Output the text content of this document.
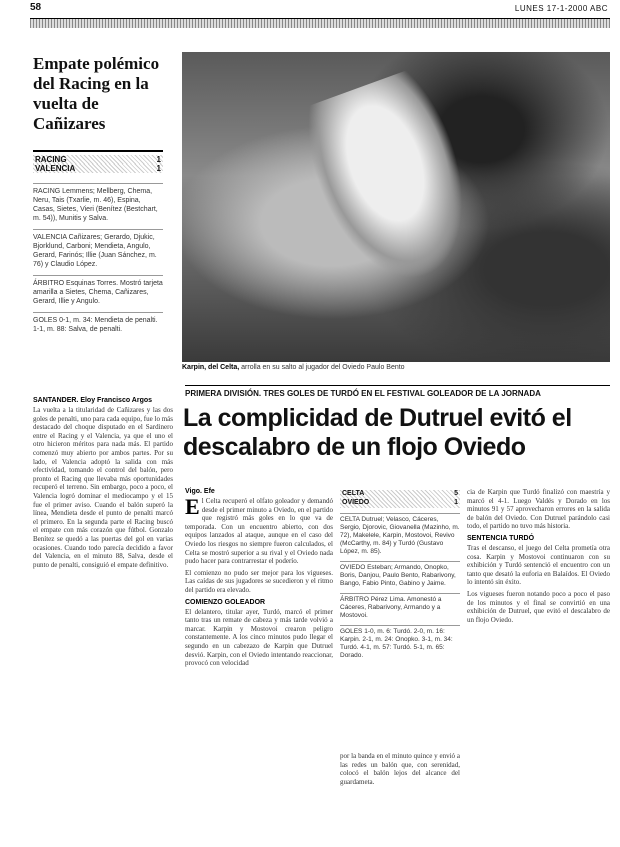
58	LUNES 17-1-2000 ABC
Empate polémico del Racing en la vuelta de Cañizares
RACING	1
VALENCIA	1
RACING Lemmens; Mellberg, Chema, Neru, Tais (Txarlie, m. 46), Espina, Casas, Sietes, Vieri (Benítez (Bestchart, m. 54)), Munitis y Salva.
VALENCIA Cañizares; Gerardo, Djukic, Bjorklund, Carboni; Mendieta, Angulo, Gerard, Farinós; Illie (Juan Sánchez, m. 76) y Claudio López.
ÁRBITRO Esquinas Torres. Mostró tarjeta amarilla a Sietes, Chema, Cañizares, Gerard, Illie y Angulo.
GOLES 0-1, m. 34: Mendieta de penalti. 1-1, m. 88: Salva, de penalti.
SANTANDER. Eloy Francisco Argos
La vuelta a la titularidad de Cañizares y las dos goles de penalti, uno para cada equipo, fue lo más destacado del choque disputado en el Sardinero entre el Racing y el Valencia, ya que el uno el otro hicieron méritos para nada más. El partido comenzó muy abierto por ambos partes. Por su lado, el Valencia adoptó la salida con más efectividad, tomando el control del balón, pero pronto el Racing que llevaba más oportunidades recuperó el terreno. Sin embargo, poco a poco, el Valencia logró dominar el mediocampo y el 15 fue el primer aviso. Cuando el balón superó la línea, Mendieta desde el punto de penalti marcó el primero. En la segunda parte el Racing buscó el empate con más corazón que fútbol. Gonzalo Benítez se quedó a las puertas del gol en varias ocasiones. Cuando todo parecía decidido a favor del Valencia, en el minuto 88, Salva, desde el punto de penalti, consiguió el empate definitivo.
Karpin, del Celta, arrolla en su salto al jugador del Oviedo Paulo Bento
PRIMERA DIVISIÓN. TRES GOLES DE TURDÓ EN EL FESTIVAL GOLEADOR DE LA JORNADA
La complicidad de Dutruel evitó el descalabro de un flojo Oviedo
Vigo. Efe
E l Celta recuperó el olfato goleador y demandó desde el primer minuto a Oviedo, en el partido que registró más goles en lo que va de temporada. Con un encuentro abierto, con dos equipos lanzados al ataque, aunque en el caso del Oviedo los riesgos no siempre fueron calculados, el Celta se mostró superior a su rival y el Oviedo nada pudo hacer para contrarrestar el poderío.

El comienzo no pudo ser mejor para los vigueses. Las caídas de sus jugadores se sucedieron y el ritmo del partido era elevado.

COMIENZO GOLEADOR

El delantero, titular ayer, Turdó, marcó el primer tanto tras un remate de cabeza y más tarde volvió a marcar. Karpin y Mostovoi crearon peligro constantemente. A los cinco minutos pudo llegar el segundo en un cabezazo de Karpin que Dutruel desvió. Karpin, con el Oviedo intentando reaccionar, provocó con velocidad

CELTA	5
OVIEDO	1
CELTA Dutruel; Velasco, Cáceres, Sergio, Djorovic, Giovanella (Mazinho, m. 72), Makelele, Karpin, Mostovoi, Revivo (McCarthy, m. 84) y Turdó (Gustavo López, m. 85).
OVIEDO Esteban; Armando, Onopko, Boris, Danjou, Paulo Bento, Rabarivony, Bango, Fabio Pinto, Gabino y Jaime.
ÁRBITRO Pérez Lima. Amonestó a Cáceres, Rabarivony, Armando y a Mostovoi.
GOLES 1-0, m. 6: Turdó. 2-0, m. 16: Karpin. 2-1, m. 24: Onopko. 3-1, m. 34: Turdó. 4-1, m. 57: Turdó. 5-1, m. 65: Dorado.

por la banda en el minuto quince y envió a las redes un balón que, con serenidad, colocó el balón lejos del alcance del guardameta.

cia de Karpin que Turdó finalizó con maestría y marcó el 4-1. Luego Valdés y Dorado en los minutos 91 y 57 aprovecharon errores en la salida de balón del Oviedo. Con Dutruel parándolo casi todo, el partido no tuvo más historia.

SENTENCIA TURDÓ

Tras el descanso, el juego del Celta prometía otra cosa. Karpin y Mostovoi continuaron con su exhibición y Turdó sentenció el encuentro con un tanto que desató la euforia en Balaídos. El Oviedo lo intentó sin éxito.

Los vigueses fueron notando poco a poco el paso de los minutos y el final se convirtió en una exhibición de Dutruel, que evitó el descalabro de un flojo Oviedo.
